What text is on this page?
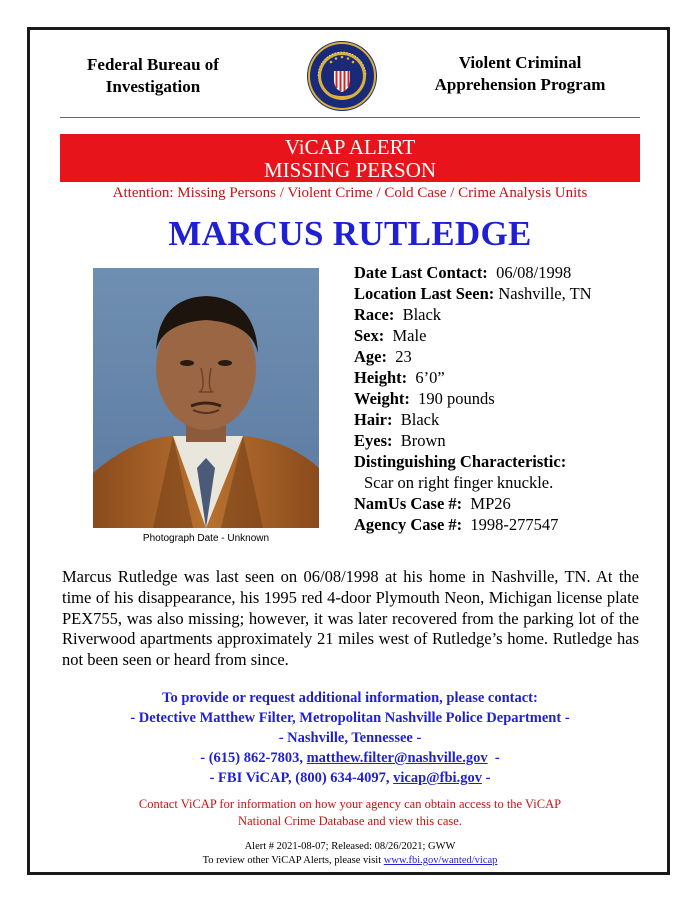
Federal Bureau of
Investigation
Violent Criminal
Apprehension Program
ViCAP ALERT
MISSING PERSON
Attention: Missing Persons / Violent Crime / Cold Case / Crime Analysis Units
MARCUS RUTLEDGE
Photograph Date - Unknown
Date Last Contact: 06/08/1998
Location Last Seen: Nashville, TN
Race: Black
Sex: Male
Age: 23
Height: 6’0”
Weight: 190 pounds
Hair: Black
Eyes: Brown
Distinguishing Characteristic:
Scar on right finger knuckle.
NamUs Case #: MP26
Agency Case #: 1998-277547
Marcus Rutledge was last seen on 06/08/1998 at his home in Nashville, TN. At the time of his disappearance, his 1995 red 4-door Plymouth Neon, Michigan license plate PEX755, was also missing; however, it was later recovered from the parking lot of the Riverwood apartments approximately 21 miles west of Rutledge’s home. Rutledge has not been seen or heard from since.
To provide or request additional information, please contact:
- Detective Matthew Filter, Metropolitan Nashville Police Department -
- Nashville, Tennessee -
- (615) 862-7803, matthew.filter@nashville.gov  -
- FBI ViCAP, (800) 634-4097, vicap@fbi.gov -
Contact ViCAP for information on how your agency can obtain access to the ViCAP
National Crime Database and view this case.
Alert # 2021-08-07; Released: 08/26/2021; GWW
To review other ViCAP Alerts, please visit www.fbi.gov/wanted/vicap
